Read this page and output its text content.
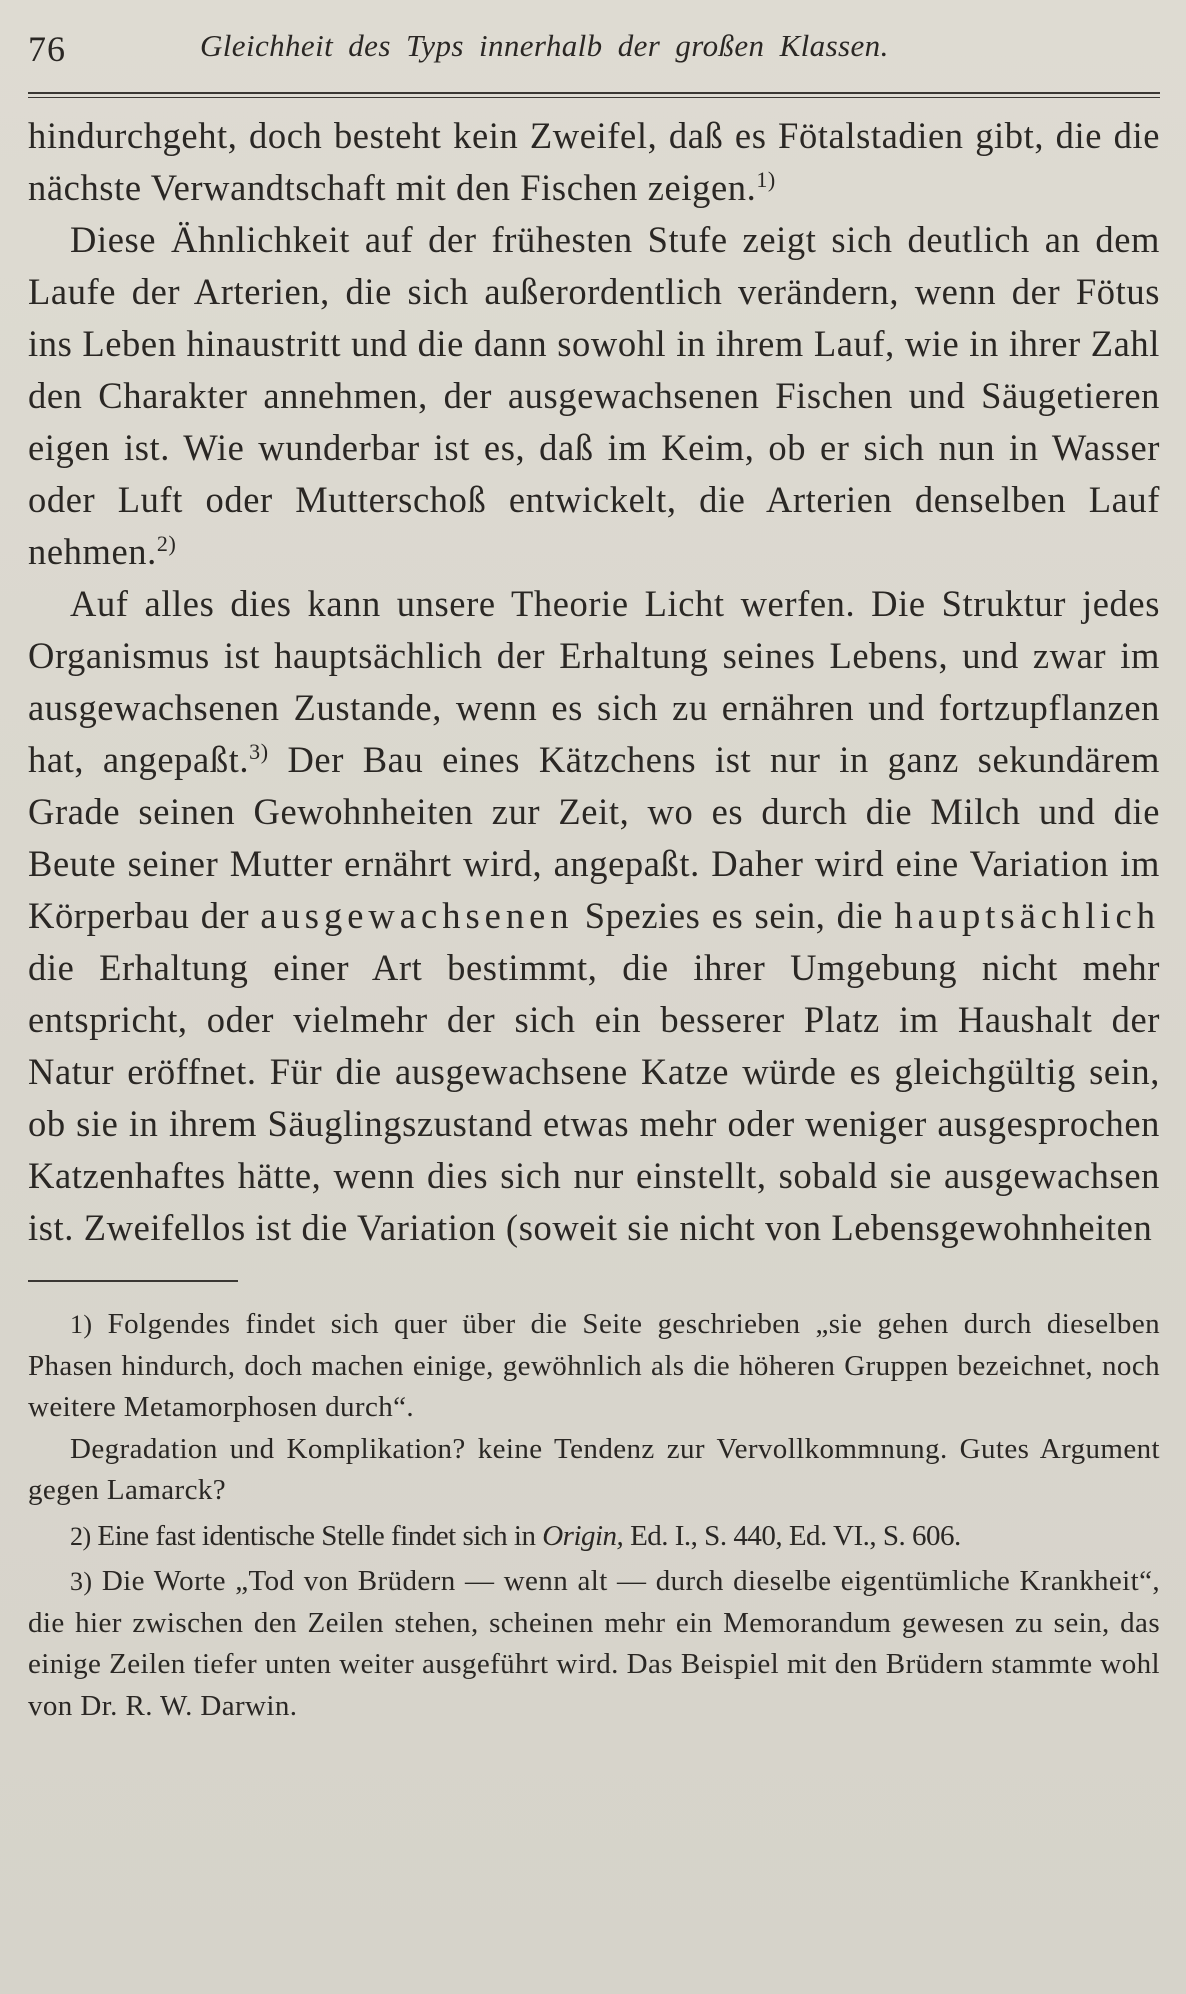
76	Gleichheit des Typs innerhalb der großen Klassen.

hindurchgeht, doch besteht kein Zweifel, daß es Fötalstadien gibt, die die nächste Verwandtschaft mit den Fischen zeigen.$^{1)}$

Diese Ähnlichkeit auf der frühesten Stufe zeigt sich deutlich an dem Laufe der Arterien, die sich außerordentlich verändern, wenn der Fötus ins Leben hinaustritt und die dann sowohl in ihrem Lauf, wie in ihrer Zahl den Charakter annehmen, der ausgewachsenen Fischen und Säugetieren eigen ist. Wie wunderbar ist es, daß im Keim, ob er sich nun in Wasser oder Luft oder Mutterschoß entwickelt, die Arterien denselben Lauf nehmen.$^{2)}$

Auf alles dies kann unsere Theorie Licht werfen. Die Struktur jedes Organismus ist hauptsächlich der Erhaltung seines Lebens, und zwar im ausgewachsenen Zustande, wenn es sich zu ernähren und fortzupflanzen hat, angepaßt.$^{3)}$ Der Bau eines Kätzchens ist nur in ganz sekundärem Grade seinen Gewohnheiten zur Zeit, wo es durch die Milch und die Beute seiner Mutter ernährt wird, angepaßt. Daher wird eine Variation im Körperbau der ausgewachsenen Spezies es sein, die hauptsächlich die Erhaltung einer Art bestimmt, die ihrer Umgebung nicht mehr entspricht, oder vielmehr der sich ein besserer Platz im Haushalt der Natur eröffnet. Für die ausgewachsene Katze würde es gleichgültig sein, ob sie in ihrem Säuglingszustand etwas mehr oder weniger ausgesprochen Katzenhaftes hätte, wenn dies sich nur einstellt, sobald sie ausgewachsen ist. Zweifellos ist die Variation (soweit sie nicht von Lebensgewohnheiten

1) Folgendes findet sich quer über die Seite geschrieben „sie gehen durch dieselben Phasen hindurch, doch machen einige, gewöhnlich als die höheren Gruppen bezeichnet, noch weitere Metamorphosen durch“.

Degradation und Komplikation? keine Tendenz zur Vervollkommnung. Gutes Argument gegen Lamarck?

2) Eine fast identische Stelle findet sich in Origin, Ed. I., S. 440, Ed. VI., S. 606.

3) Die Worte „Tod von Brüdern — wenn alt — durch dieselbe eigentümliche Krankheit“, die hier zwischen den Zeilen stehen, scheinen mehr ein Memorandum gewesen zu sein, das einige Zeilen tiefer unten weiter ausgeführt wird. Das Beispiel mit den Brüdern stammte wohl von Dr. R. W. Darwin.
